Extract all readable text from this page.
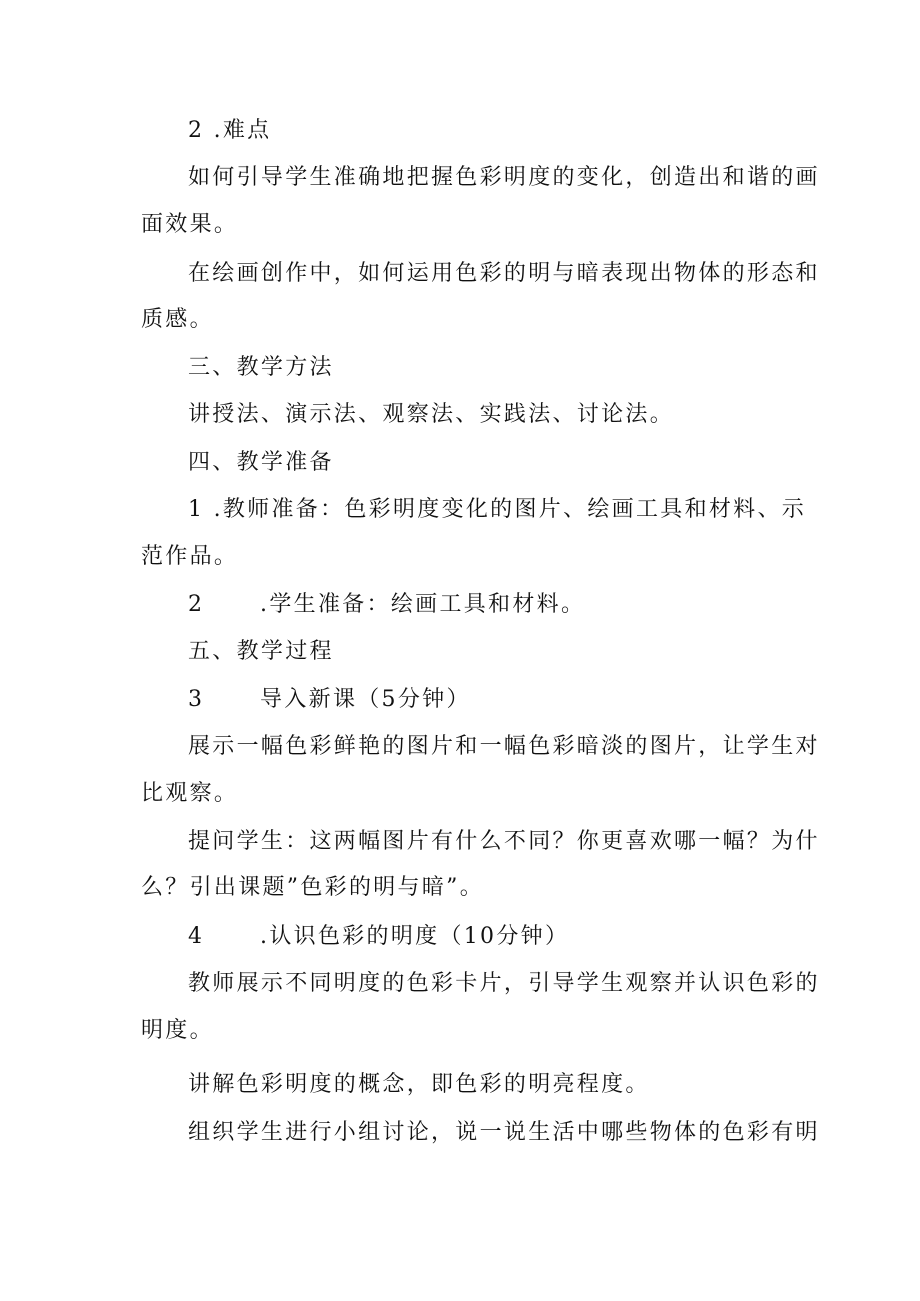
2 .难点

如何引导学生准确地把握色彩明度的变化，创造出和谐的画

面效果。

在绘画创作中，如何运用色彩的明与暗表现出物体的形态和

质感。

三、教学方法

讲授法、演示法、观察法、实践法、讨论法。

四、教学准备

1 .教师准备：色彩明度变化的图片、绘画工具和材料、示

范作品。

2      .学生准备：绘画工具和材料。

五、教学过程

3      导入新课（5分钟）

展示一幅色彩鲜艳的图片和一幅色彩暗淡的图片，让学生对

比观察。

提问学生：这两幅图片有什么不同？你更喜欢哪一幅？为什

么？引出课题”色彩的明与暗”。

4      .认识色彩的明度（10分钟）

教师展示不同明度的色彩卡片，引导学生观察并认识色彩的

明度。

讲解色彩明度的概念，即色彩的明亮程度。

组织学生进行小组讨论，说一说生活中哪些物体的色彩有明
